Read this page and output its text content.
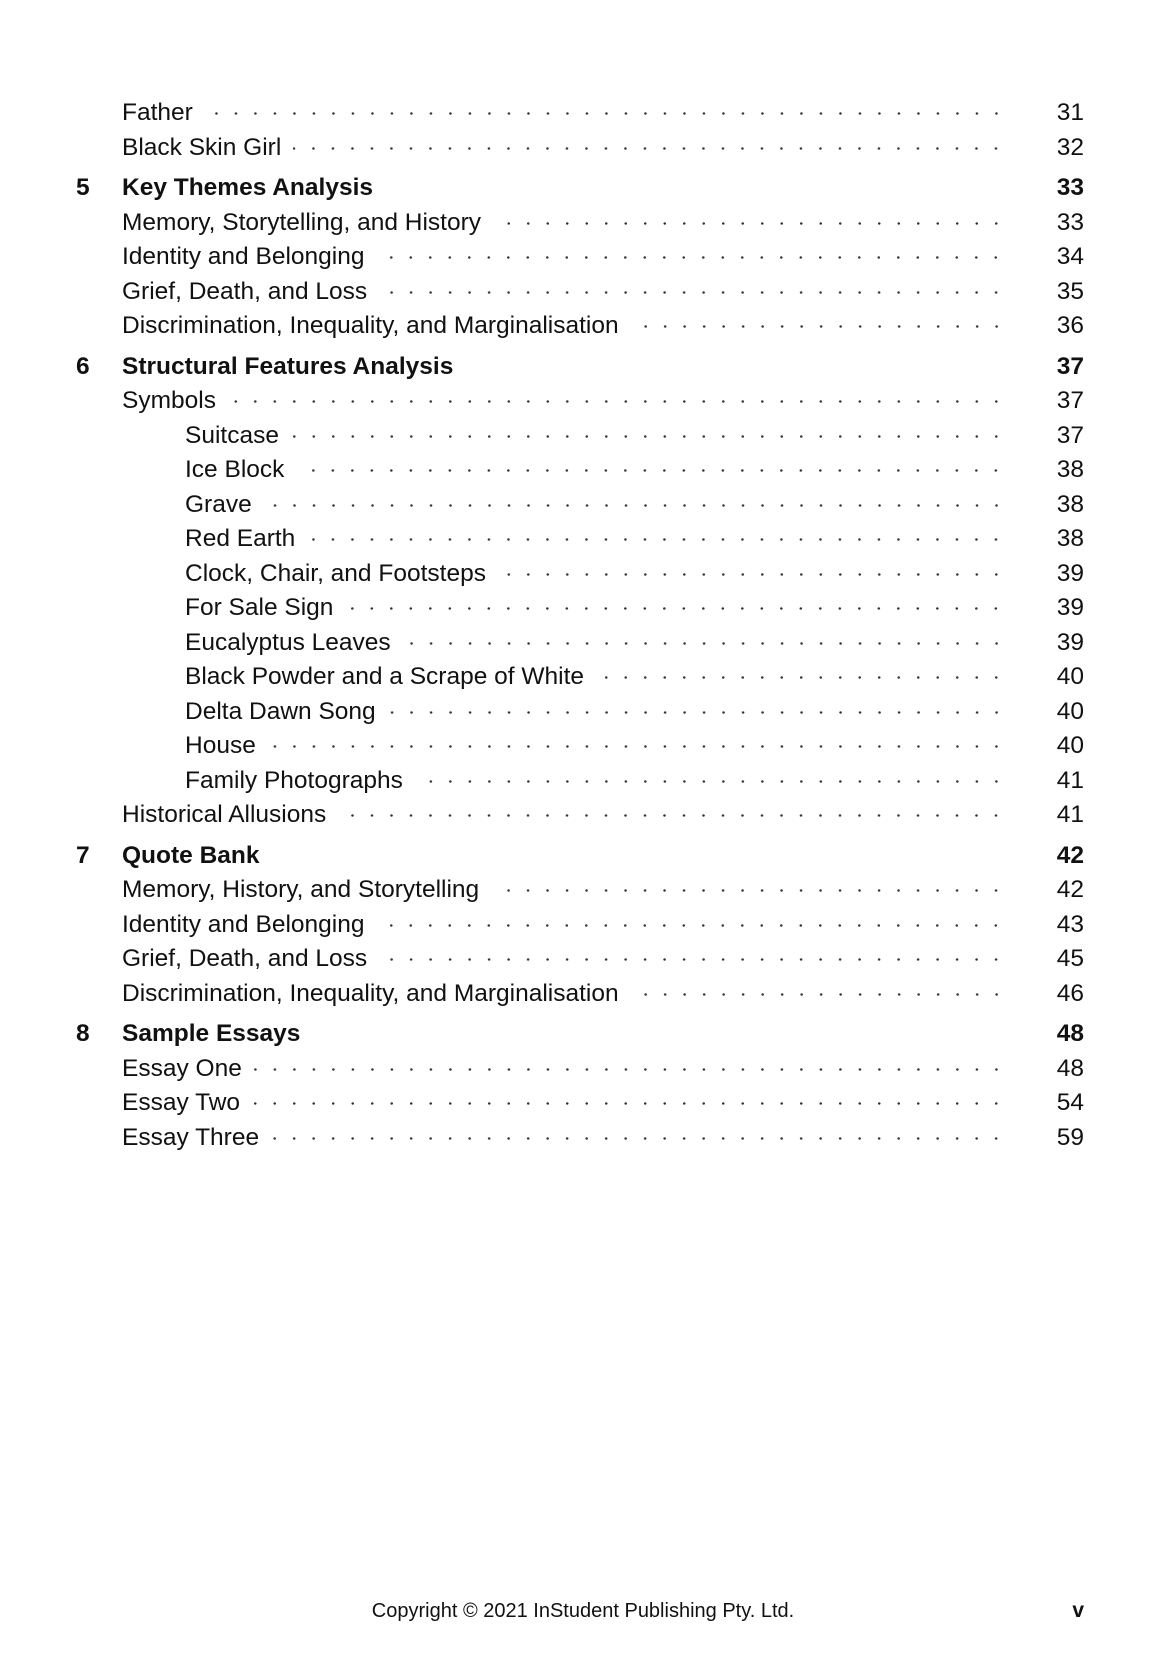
Father	31
Black Skin Girl	32
5 Key Themes Analysis	33
Memory, Storytelling, and History	33
Identity and Belonging	34
Grief, Death, and Loss	35
Discrimination, Inequality, and Marginalisation	36
6 Structural Features Analysis	37
Symbols	37
Suitcase	37
Ice Block	38
Grave	38
Red Earth	38
Clock, Chair, and Footsteps	39
For Sale Sign	39
Eucalyptus Leaves	39
Black Powder and a Scrape of White	40
Delta Dawn Song	40
House	40
Family Photographs	41
Historical Allusions	41
7 Quote Bank	42
Memory, History, and Storytelling	42
Identity and Belonging	43
Grief, Death, and Loss	45
Discrimination, Inequality, and Marginalisation	46
8 Sample Essays	48
Essay One	48
Essay Two	54
Essay Three	59
Copyright © 2021 InStudent Publishing Pty. Ltd.	v
